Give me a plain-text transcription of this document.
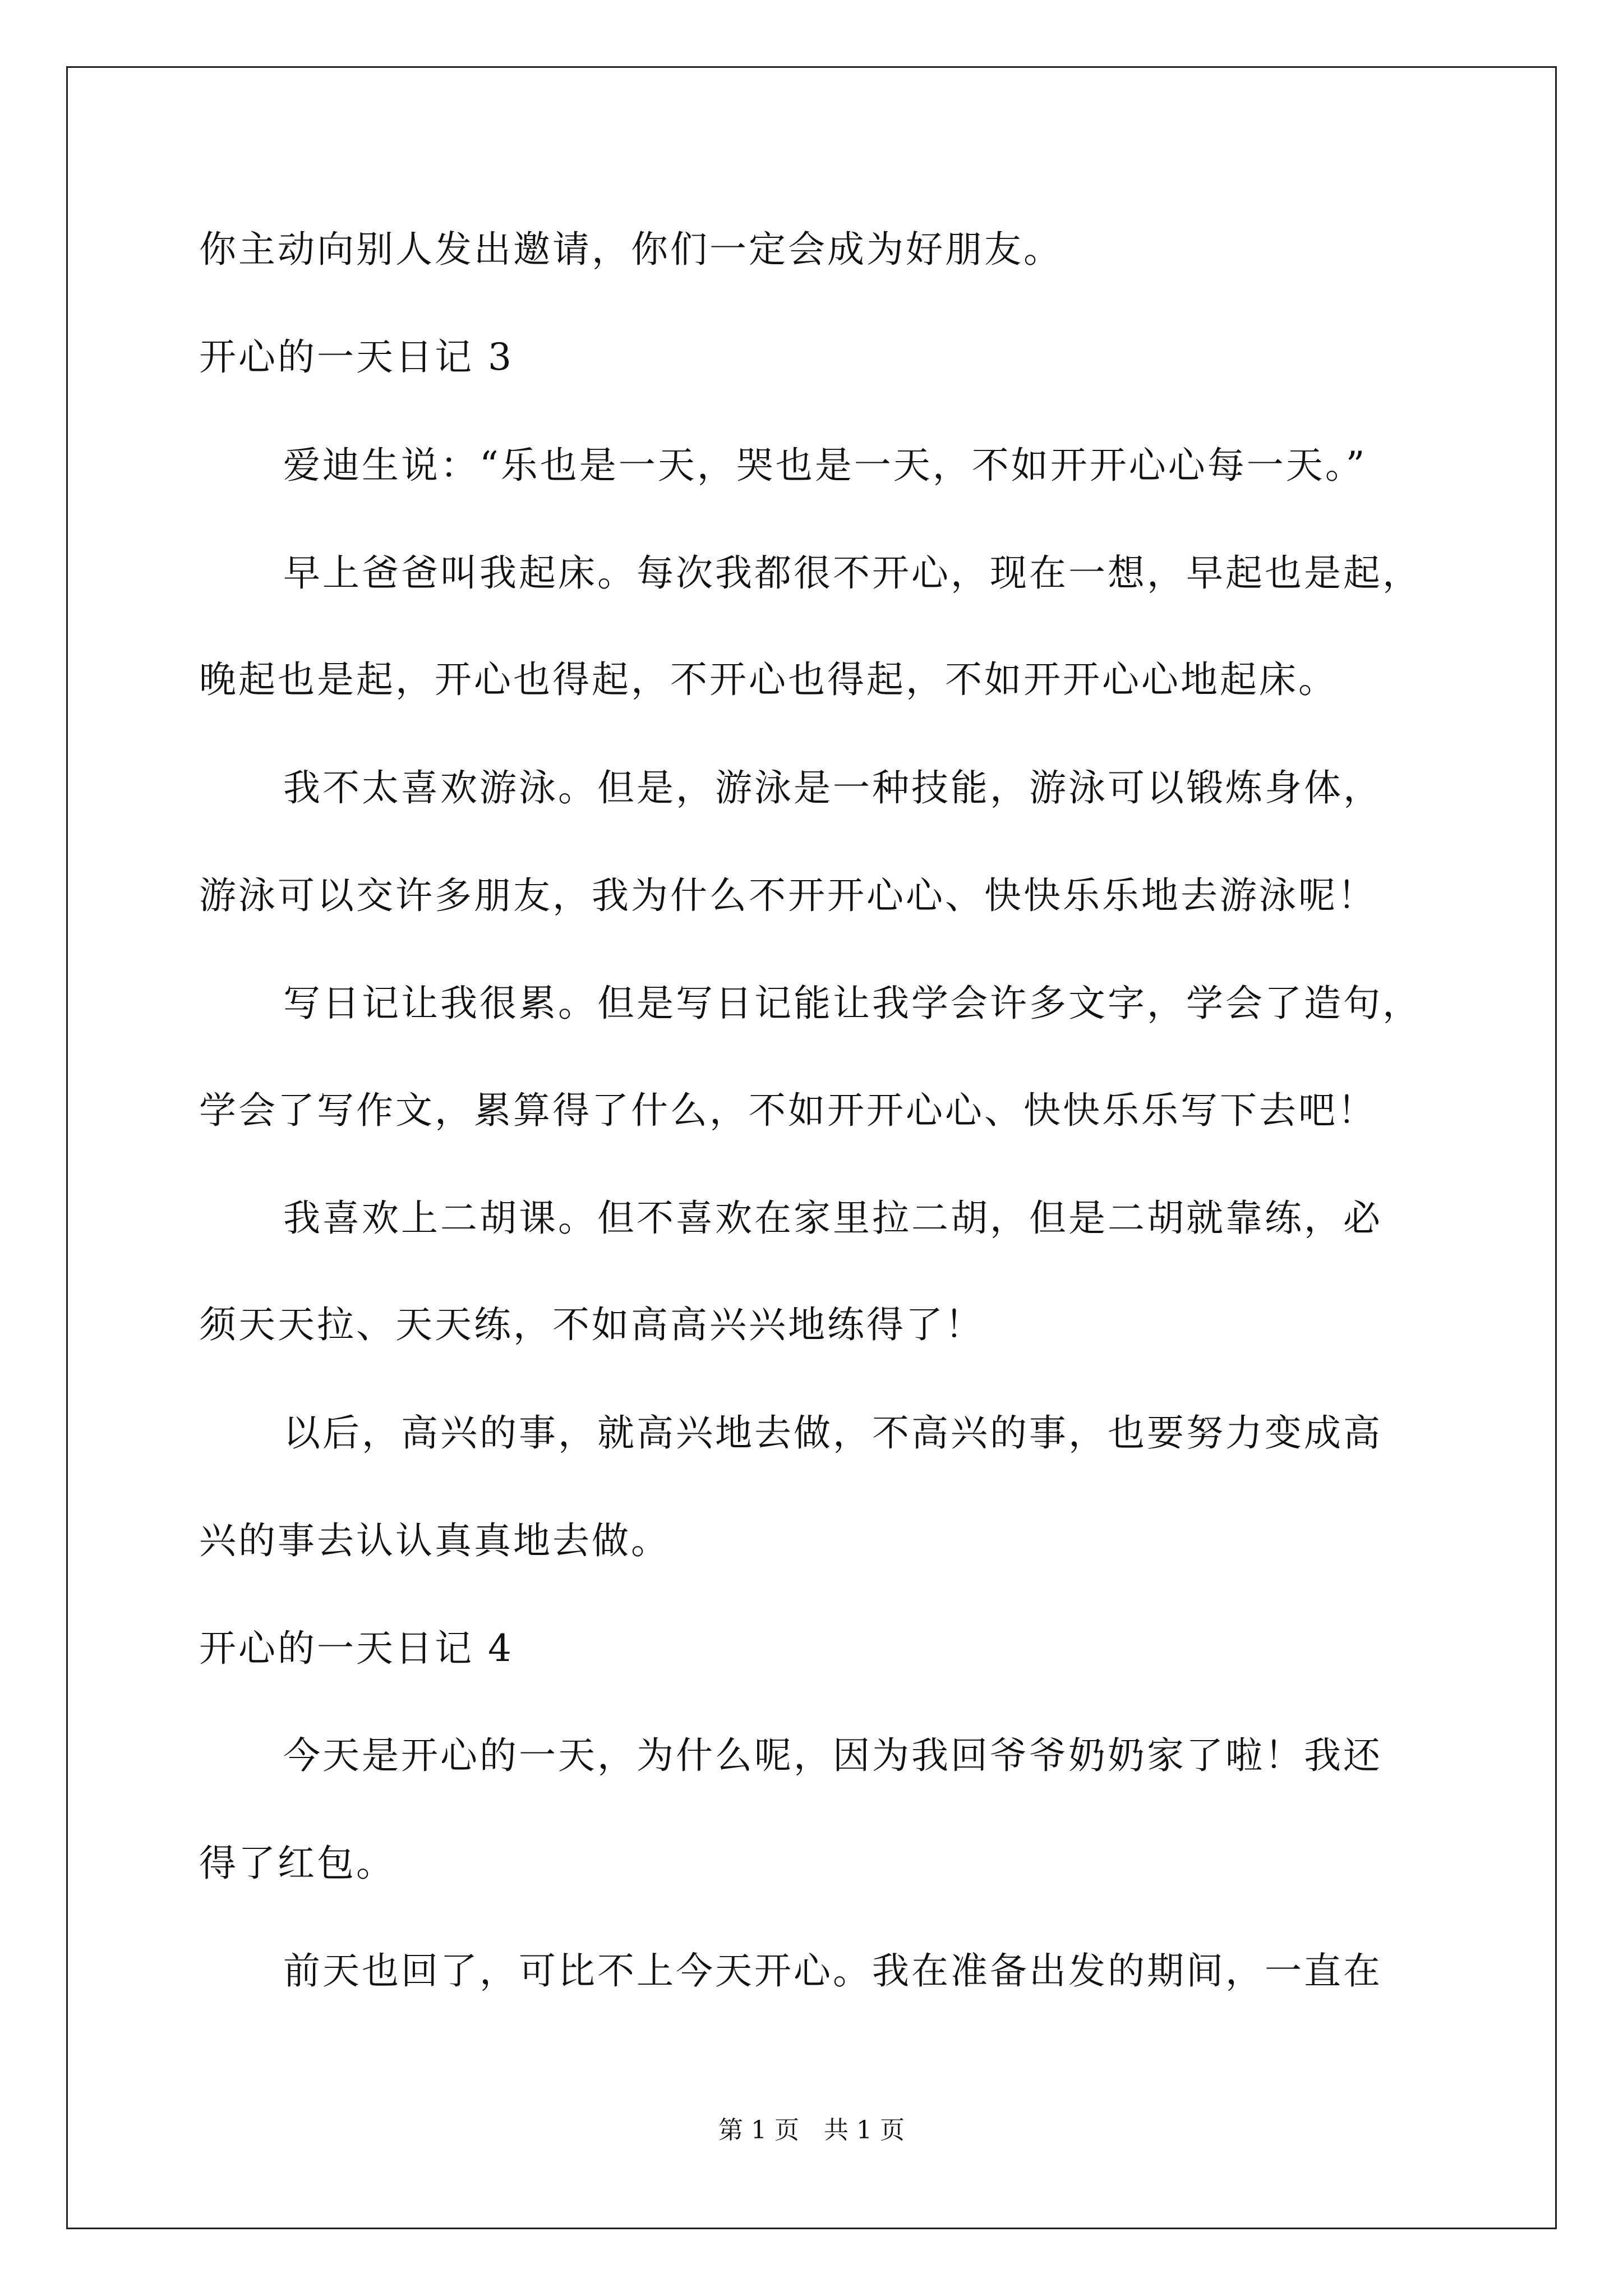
你主动向别人发出邀请，你们一定会成为好朋友。
开心的一天日记 3
爱迪生说：“乐也是一天，哭也是一天，不如开开心心每一天。”
早上爸爸叫我起床。每次我都很不开心，现在一想，早起也是起，
晚起也是起，开心也得起，不开心也得起，不如开开心心地起床。
我不太喜欢游泳。但是，游泳是一种技能，游泳可以锻炼身体，
游泳可以交许多朋友，我为什么不开开心心、快快乐乐地去游泳呢！
写日记让我很累。但是写日记能让我学会许多文字，学会了造句，
学会了写作文，累算得了什么，不如开开心心、快快乐乐写下去吧！
我喜欢上二胡课。但不喜欢在家里拉二胡，但是二胡就靠练，必
须天天拉、天天练，不如高高兴兴地练得了！
以后，高兴的事，就高兴地去做，不高兴的事，也要努力变成高
兴的事去认认真真地去做。
开心的一天日记 4
今天是开心的一天，为什么呢，因为我回爷爷奶奶家了啦！我还
得了红包。
前天也回了，可比不上今天开心。我在准备出发的期间，一直在
第 1 页　共 1 页
